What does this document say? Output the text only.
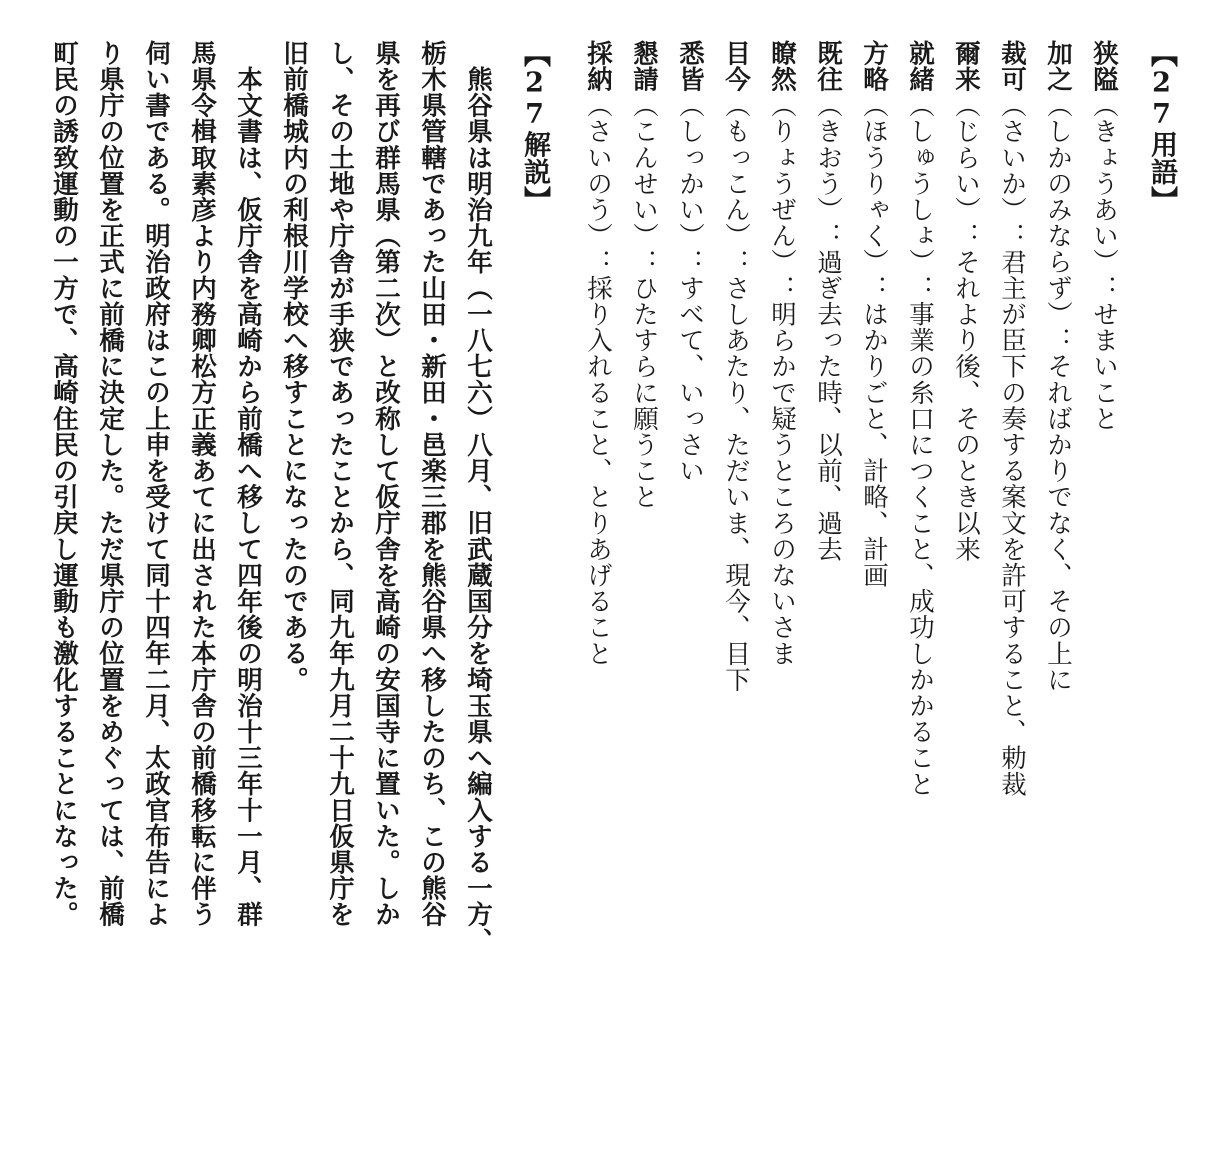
【27用語】
狭隘（きょうあい）：せまいこと
加之（しかのみならず）：そればかりでなく、その上に
裁可（さいか）：君主が臣下の奏する案文を許可すること、勅裁
爾来（じらい）：それより後、そのとき以来
就緒（しゅうしょ）：事業の糸口につくこと、成功しかかること
方略（ほうりゃく）：はかりごと、計略、計画
既往（きおう）：過ぎ去った時、以前、過去
瞭然（りょうぜん）：明らかで疑うところのないさま
目今（もっこん）：さしあたり、ただいま、現今、目下
悉皆（しっかい）：すべて、いっさい
懇請（こんせい）：ひたすらに願うこと
採納（さいのう）：採り入れること、とりあげること
【27解説】
　熊谷県は明治九年（一八七六）八月、旧武蔵国分を埼玉県へ編入する一方、
栃木県管轄であった山田・新田・邑楽三郡を熊谷県へ移したのち、この熊谷
県を再び群馬県（第二次）と改称して仮庁舎を高崎の安国寺に置いた。しか
し、その土地や庁舎が手狭であったことから、同九年九月二十九日仮県庁を
旧前橋城内の利根川学校へ移すことになったのである。
　本文書は、仮庁舎を高崎から前橋へ移して四年後の明治十三年十一月、群
馬県令楫取素彦より内務卿松方正義あてに出された本庁舎の前橋移転に伴う
伺い書である。明治政府はこの上申を受けて同十四年二月、太政官布告によ
り県庁の位置を正式に前橋に決定した。ただ県庁の位置をめぐっては、前橋
町民の誘致運動の一方で、高崎住民の引戻し運動も激化することになった。
